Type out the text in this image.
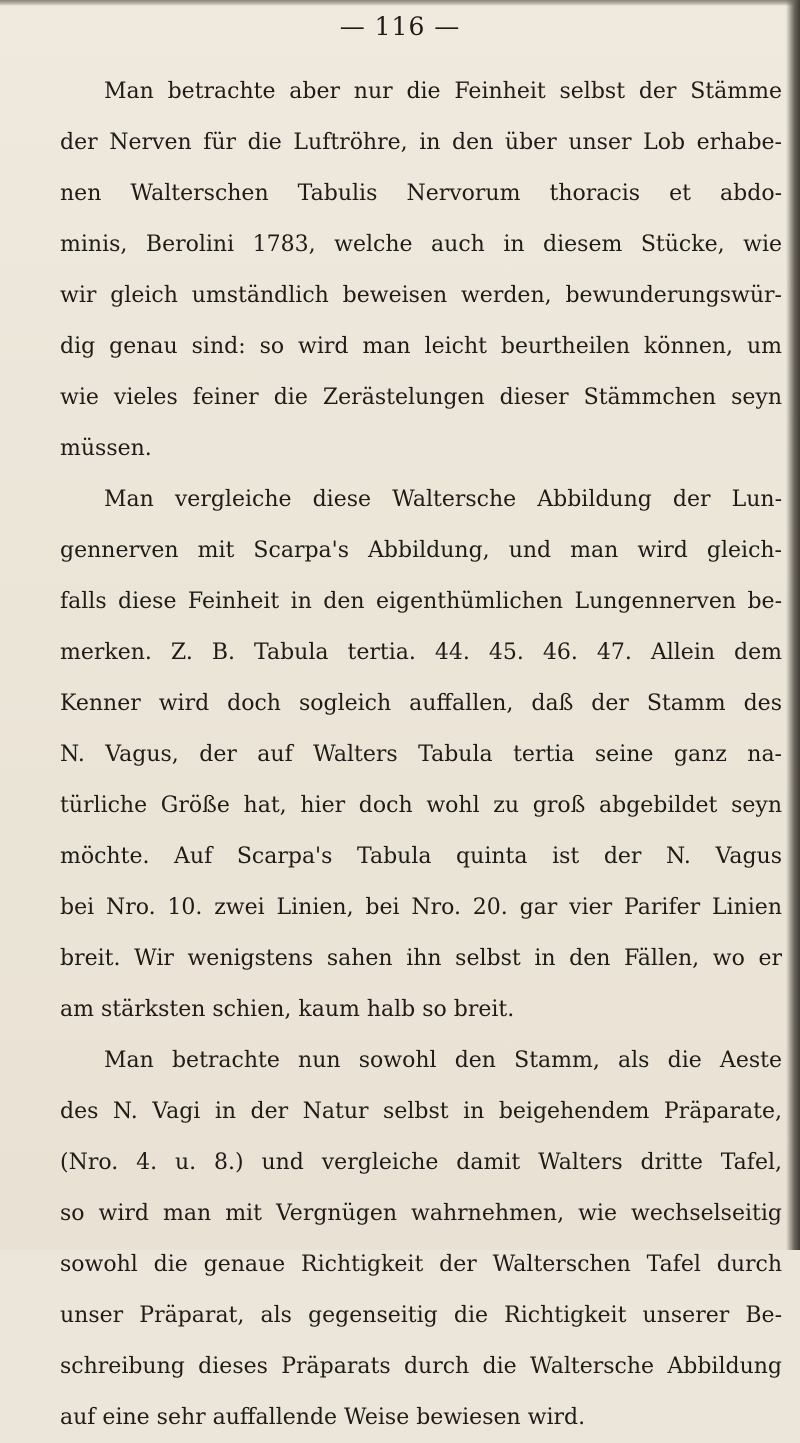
— 116 —
Man betrachte aber nur die Feinheit selbst der Stämme
der Nerven für die Luftröhre, in den über unser Lob erhabe-
nen Walterschen Tabulis Nervorum thoracis et abdo-
minis, Berolini 1783, welche auch in diesem Stücke, wie
wir gleich umständlich beweisen werden, bewunderungswür-
dig genau sind: so wird man leicht beurtheilen können, um
wie vieles feiner die Zerästelungen dieser Stämmchen seyn
müssen.
Man vergleiche diese Waltersche Abbildung der Lun-
gennerven mit Scarpa's Abbildung, und man wird gleich-
falls diese Feinheit in den eigenthümlichen Lungennerven be-
merken. Z. B. Tabula tertia. 44. 45. 46. 47. Allein dem
Kenner wird doch sogleich auffallen, daß der Stamm des
N. Vagus, der auf Walters Tabula tertia seine ganz na-
türliche Größe hat, hier doch wohl zu groß abgebildet seyn
möchte. Auf Scarpa's Tabula quinta ist der N. Vagus
bei Nro. 10. zwei Linien, bei Nro. 20. gar vier Parifer Linien
breit. Wir wenigstens sahen ihn selbst in den Fällen, wo er
am stärksten schien, kaum halb so breit.
Man betrachte nun sowohl den Stamm, als die Aeste
des N. Vagi in der Natur selbst in beigehendem Präparate,
(Nro. 4. u. 8.) und vergleiche damit Walters dritte Tafel,
so wird man mit Vergnügen wahrnehmen, wie wechselseitig
sowohl die genaue Richtigkeit der Walterschen Tafel durch
unser Präparat, als gegenseitig die Richtigkeit unserer Be-
schreibung dieses Präparats durch die Waltersche Abbildung
auf eine sehr auffallende Weise bewiesen wird.
